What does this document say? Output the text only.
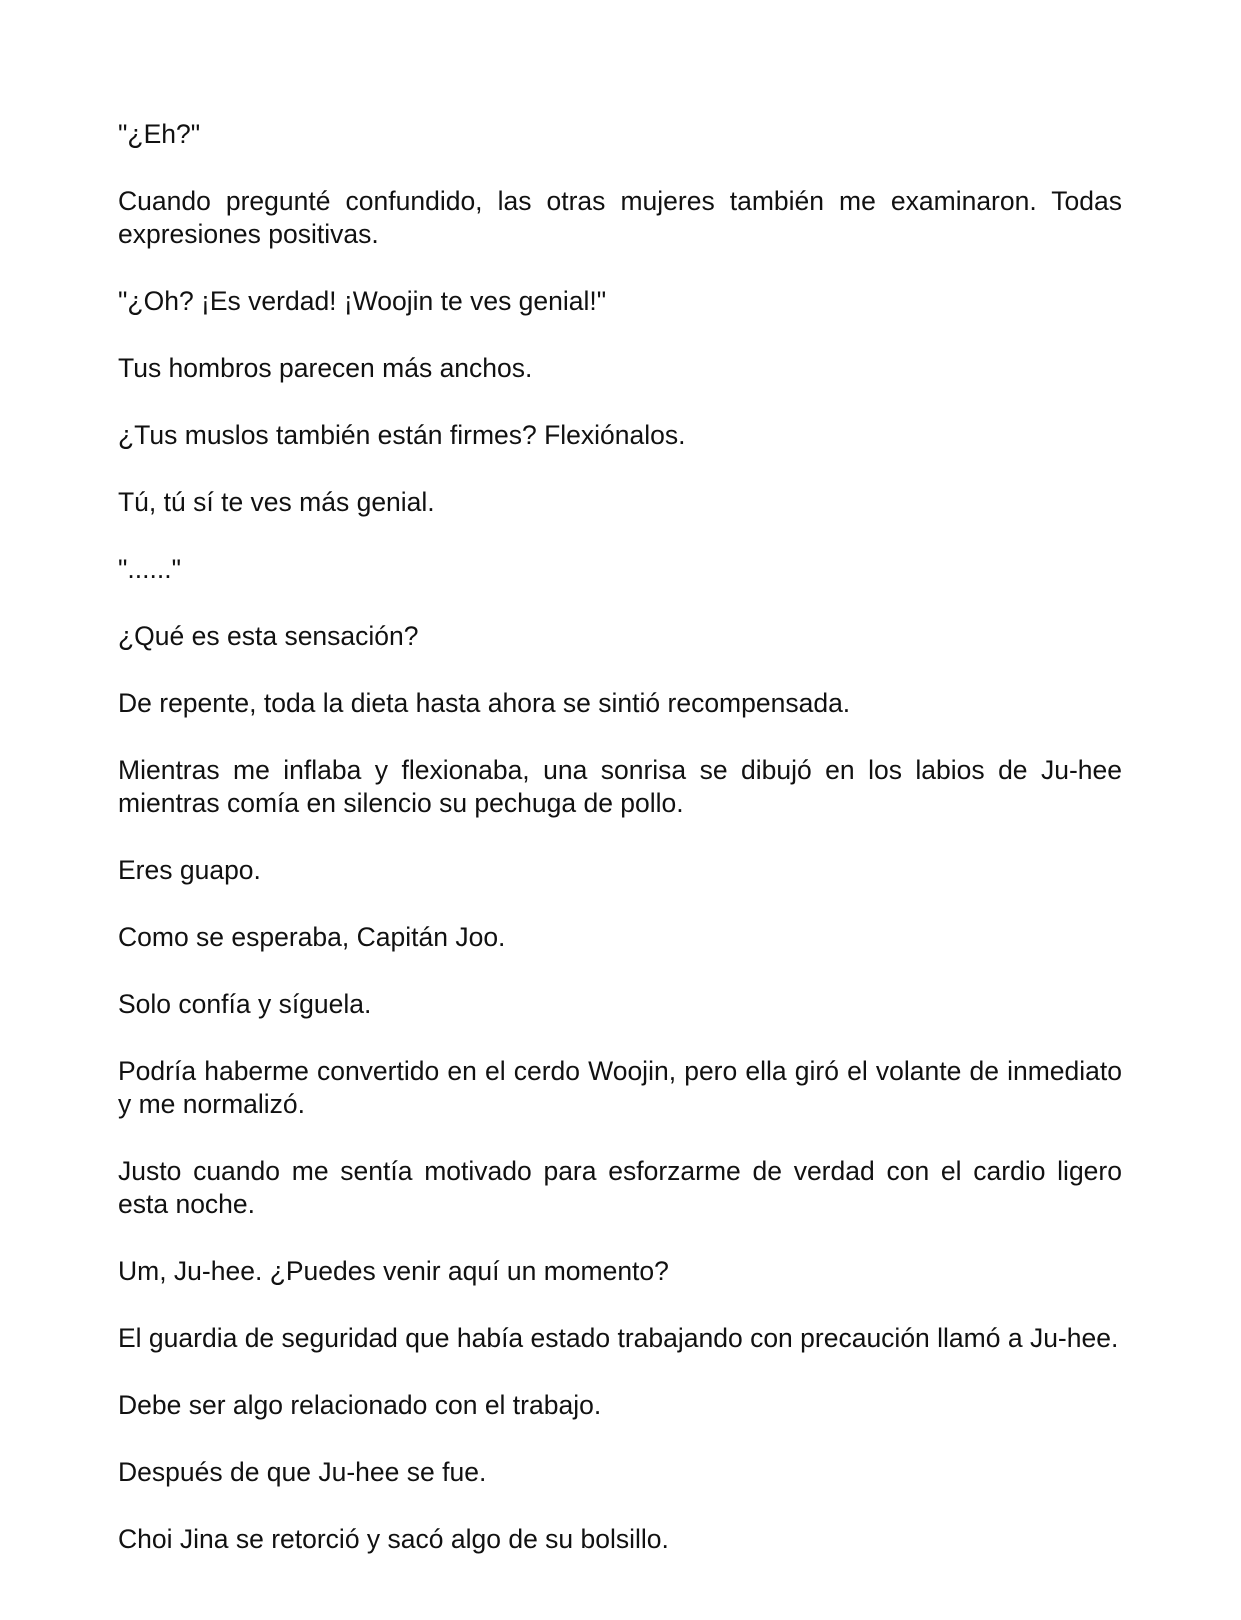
"¿Eh?"

Cuando pregunté confundido, las otras mujeres también me examinaron. Todas expresiones positivas.

"¿Oh? ¡Es verdad! ¡Woojin te ves genial!"

Tus hombros parecen más anchos.

¿Tus muslos también están firmes? Flexiónalos.

Tú, tú sí te ves más genial.

"......"

¿Qué es esta sensación?

De repente, toda la dieta hasta ahora se sintió recompensada.

Mientras me inflaba y flexionaba, una sonrisa se dibujó en los labios de Ju-hee mientras comía en silencio su pechuga de pollo.

Eres guapo.

Como se esperaba, Capitán Joo.

Solo confía y síguela.

Podría haberme convertido en el cerdo Woojin, pero ella giró el volante de inmediato y me normalizó.

Justo cuando me sentía motivado para esforzarme de verdad con el cardio ligero esta noche.

Um, Ju-hee. ¿Puedes venir aquí un momento?

El guardia de seguridad que había estado trabajando con precaución llamó a Ju-hee.

Debe ser algo relacionado con el trabajo.

Después de que Ju-hee se fue.

Choi Jina se retorció y sacó algo de su bolsillo.
